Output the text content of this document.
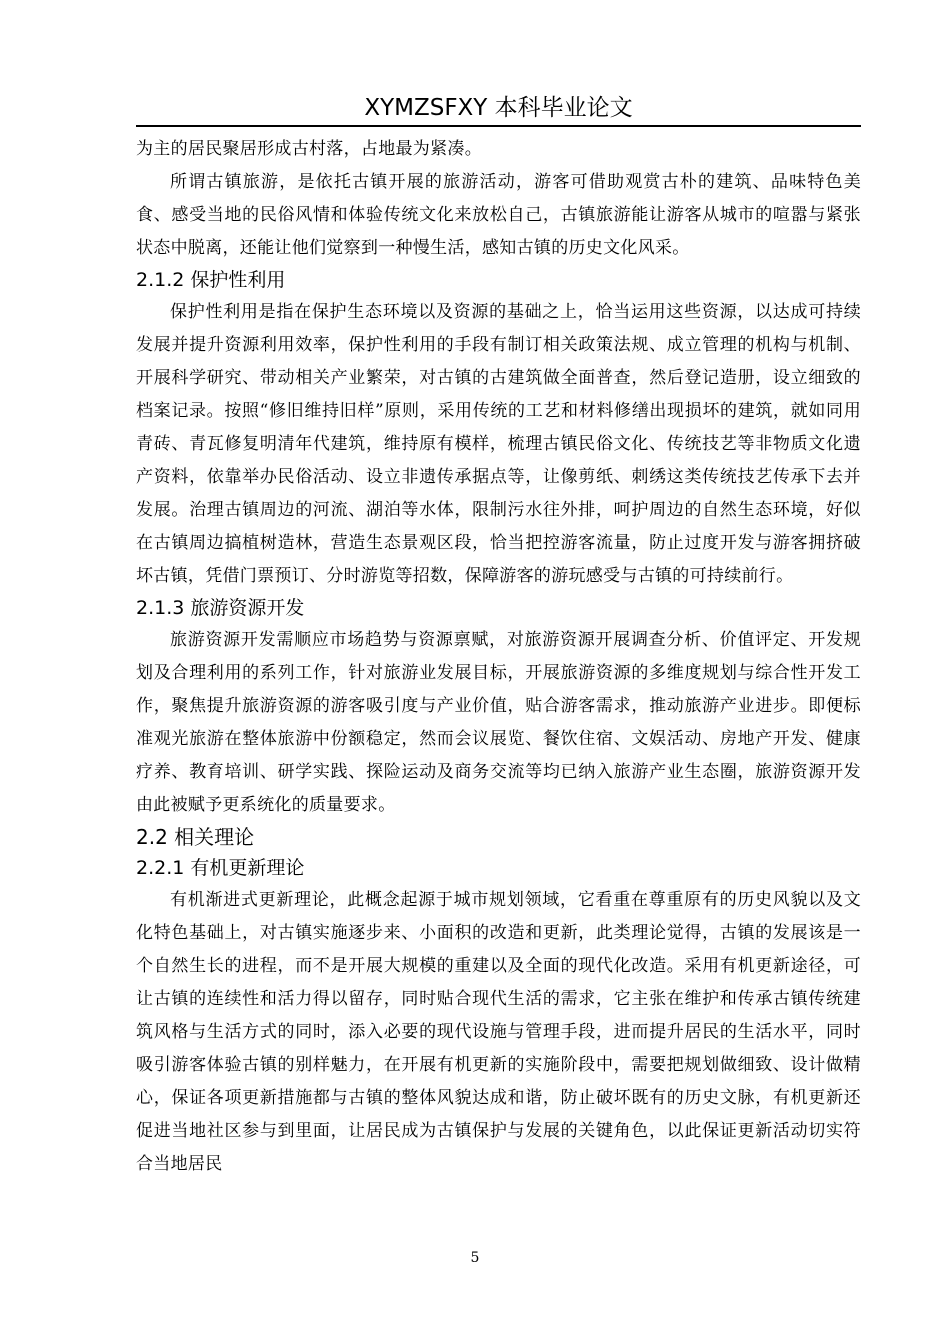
XYMZSFXY 本科毕业论文

为主的居民聚居形成古村落，占地最为紧凑。

所谓古镇旅游，是依托古镇开展的旅游活动，游客可借助观赏古朴的建筑、品味特色美食、感受当地的民俗风情和体验传统文化来放松自己，古镇旅游能让游客从城市的喧嚣与紧张状态中脱离，还能让他们觉察到一种慢生活，感知古镇的历史文化风采。

2.1.2 保护性利用

保护性利用是指在保护生态环境以及资源的基础之上，恰当运用这些资源，以达成可持续发展并提升资源利用效率，保护性利用的手段有制订相关政策法规、成立管理的机构与机制、开展科学研究、带动相关产业繁荣，对古镇的古建筑做全面普查，然后登记造册，设立细致的档案记录。按照“修旧维持旧样”原则，采用传统的工艺和材料修缮出现损坏的建筑，就如同用青砖、青瓦修复明清年代建筑，维持原有模样，梳理古镇民俗文化、传统技艺等非物质文化遗产资料，依靠举办民俗活动、设立非遗传承据点等，让像剪纸、刺绣这类传统技艺传承下去并发展。治理古镇周边的河流、湖泊等水体，限制污水往外排，呵护周边的自然生态环境，好似在古镇周边搞植树造林，营造生态景观区段，恰当把控游客流量，防止过度开发与游客拥挤破坏古镇，凭借门票预订、分时游览等招数，保障游客的游玩感受与古镇的可持续前行。

2.1.3 旅游资源开发

旅游资源开发需顺应市场趋势与资源禀赋，对旅游资源开展调查分析、价值评定、开发规划及合理利用的系列工作，针对旅游业发展目标，开展旅游资源的多维度规划与综合性开发工作，聚焦提升旅游资源的游客吸引度与产业价值，贴合游客需求，推动旅游产业进步。即便标准观光旅游在整体旅游中份额稳定，然而会议展览、餐饮住宿、文娱活动、房地产开发、健康疗养、教育培训、研学实践、探险运动及商务交流等均已纳入旅游产业生态圈，旅游资源开发由此被赋予更系统化的质量要求。

2.2 相关理论
2.2.1 有机更新理论

有机渐进式更新理论，此概念起源于城市规划领域，它看重在尊重原有的历史风貌以及文化特色基础上，对古镇实施逐步来、小面积的改造和更新，此类理论觉得，古镇的发展该是一个自然生长的进程，而不是开展大规模的重建以及全面的现代化改造。采用有机更新途径，可让古镇的连续性和活力得以留存，同时贴合现代生活的需求，它主张在维护和传承古镇传统建筑风格与生活方式的同时，添入必要的现代设施与管理手段，进而提升居民的生活水平，同时吸引游客体验古镇的别样魅力，在开展有机更新的实施阶段中，需要把规划做细致、设计做精心，保证各项更新措施都与古镇的整体风貌达成和谐，防止破坏既有的历史文脉，有机更新还促进当地社区参与到里面，让居民成为古镇保护与发展的关键角色，以此保证更新活动切实符合当地居民

5
